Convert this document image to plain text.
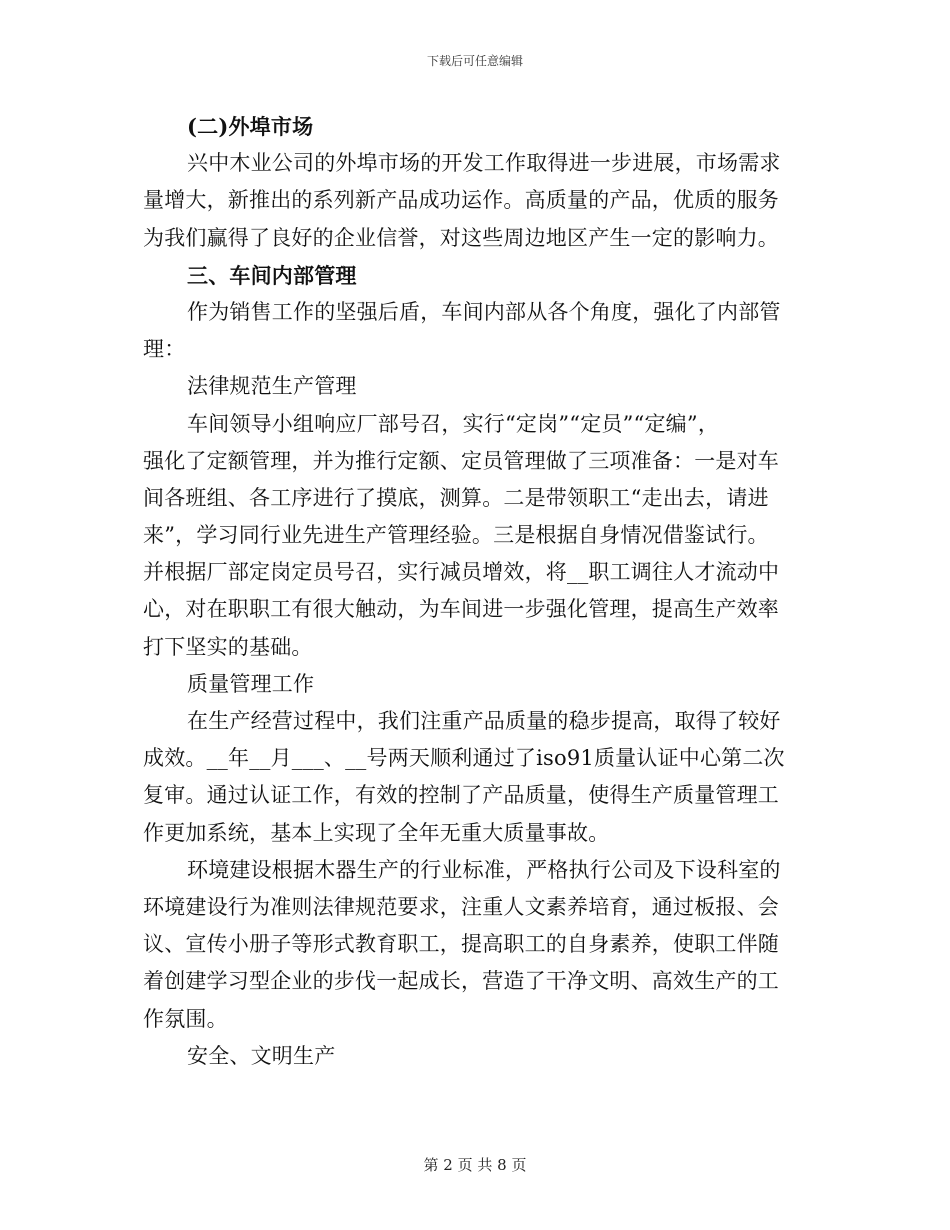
下载后可任意编辑
(二)外埠市场
兴中木业公司的外埠市场的开发工作取得进一步进展，市场需求
量增大，新推出的系列新产品成功运作。高质量的产品，优质的服务
为我们赢得了良好的企业信誉，对这些周边地区产生一定的影响力。
三、车间内部管理
作为销售工作的坚强后盾，车间内部从各个角度，强化了内部管
理：
法律规范生产管理
车间领导小组响应厂部号召，实行“定岗”“定员”“定编”，
强化了定额管理，并为推行定额、定员管理做了三项准备：一是对车
间各班组、各工序进行了摸底，测算。二是带领职工“走出去，请进
来”，学习同行业先进生产管理经验。三是根据自身情况借鉴试行。
并根据厂部定岗定员号召，实行减员增效，将__职工调往人才流动中
心，对在职职工有很大触动，为车间进一步强化管理，提高生产效率
打下坚实的基础。
质量管理工作
在生产经营过程中，我们注重产品质量的稳步提高，取得了较好
成效。__年__月___、__号两天顺利通过了iso91质量认证中心第二次
复审。通过认证工作，有效的控制了产品质量，使得生产质量管理工
作更加系统，基本上实现了全年无重大质量事故。
环境建设根据木器生产的行业标准，严格执行公司及下设科室的
环境建设行为准则法律规范要求，注重人文素养培育，通过板报、会
议、宣传小册子等形式教育职工，提高职工的自身素养，使职工伴随
着创建学习型企业的步伐一起成长，营造了干净文明、高效生产的工
作氛围。
安全、文明生产
第 2 页 共 8 页
